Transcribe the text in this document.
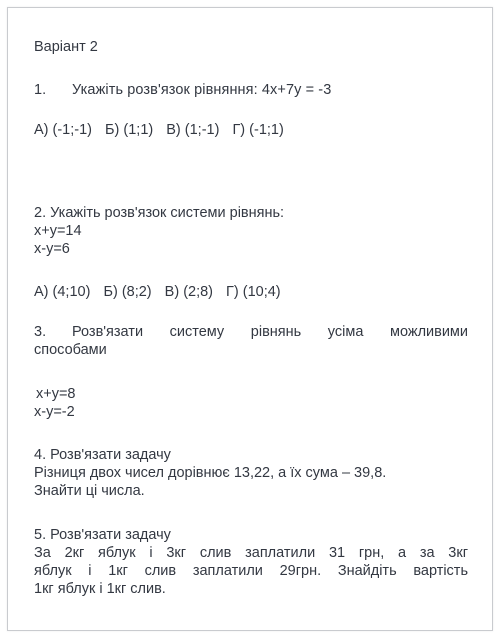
Варіант 2
1. Укажіть розв'язок рівняння: 4x+7y = -3
А) (-1;-1) Б) (1;1) В) (1;-1) Г) (-1;1)
2. Укажіть розв'язок системи рівнянь:
x+y=14
x-y=6
А) (4;10) Б) (8;2) В) (2;8) Г) (10;4)
3. Розв'язати систему рівнянь усіма можливими
способами
x+y=8
x-y=-2
4. Розв'язати задачу
Різниця двох чисел дорівнює 13,22, а їх сума – 39,8.
Знайти ці числа.
5. Розв'язати задачу
За 2кг яблук і 3кг слив заплатили 31 грн, а за 3кг
яблук і 1кг слив заплатили 29грн. Знайдіть вартість
1кг яблук і 1кг слив.
